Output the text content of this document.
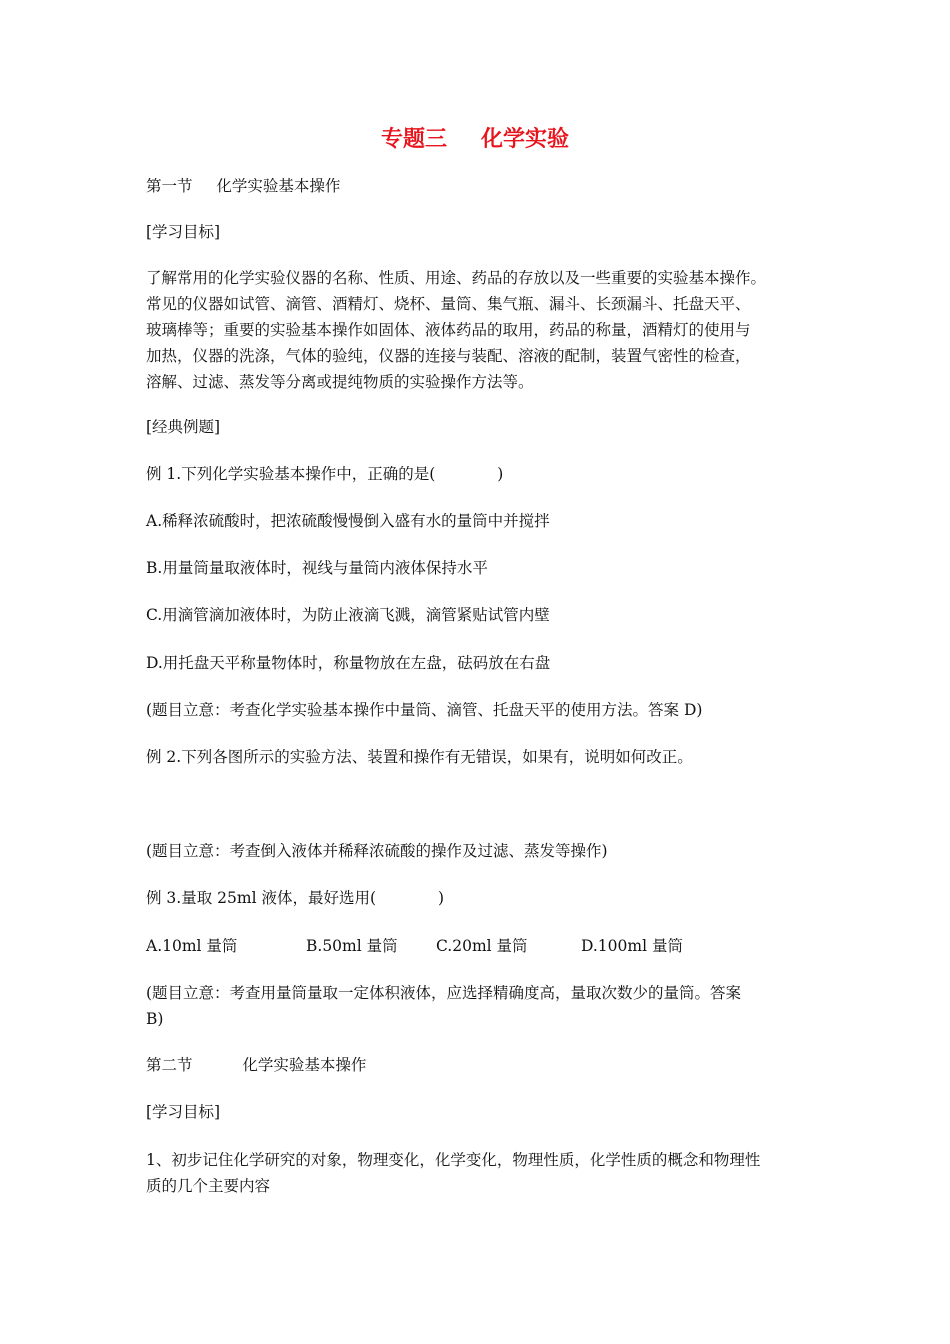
专题三 化学实验
第一节 化学实验基本操作
[学习目标]
了解常用的化学实验仪器的名称、性质、用途、药品的存放以及一些重要的实验基本操作。
常见的仪器如试管、滴管、酒精灯、烧杯、量筒、集气瓶、漏斗、长颈漏斗、托盘天平、
玻璃棒等；重要的实验基本操作如固体、液体药品的取用，药品的称量，酒精灯的使用与
加热，仪器的洗涤，气体的验纯，仪器的连接与装配、溶液的配制，装置气密性的检查，
溶解、过滤、蒸发等分离或提纯物质的实验操作方法等。
[经典例题]
例 1.下列化学实验基本操作中，正确的是(　　　　)
A.稀释浓硫酸时，把浓硫酸慢慢倒入盛有水的量筒中并搅拌
B.用量筒量取液体时，视线与量筒内液体保持水平
C.用滴管滴加液体时，为防止液滴飞溅，滴管紧贴试管内壁
D.用托盘天平称量物体时，称量物放在左盘，砝码放在右盘
(题目立意：考查化学实验基本操作中量筒、滴管、托盘天平的使用方法。答案 D)
例 2.下列各图所示的实验方法、装置和操作有无错误，如果有，说明如何改正。
(题目立意：考查倒入液体并稀释浓硫酸的操作及过滤、蒸发等操作)
例 3.量取 25ml 液体，最好选用(　　　　)
A.10ml 量筒	B.50ml 量筒 C.20ml 量筒	D.100ml 量筒
(题目立意：考查用量筒量取一定体积液体，应选择精确度高，量取次数少的量筒。答案
B)
第二节	化学实验基本操作
[学习目标]
1、初步记住化学研究的对象，物理变化，化学变化，物理性质，化学性质的概念和物理性
质的几个主要内容
